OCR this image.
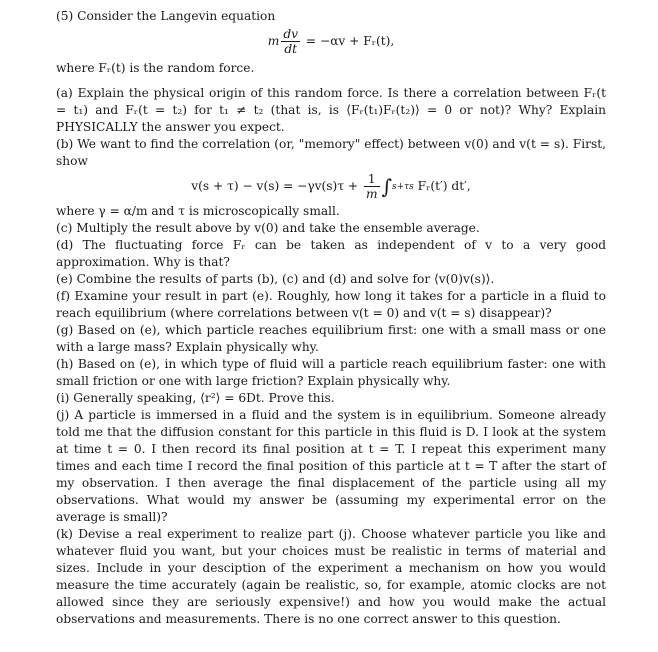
(5) Consider the Langevin equation
m $\frac{dv}{dt} = -\alpha v$ + Fᵣ(t),

where Fᵣ(t) is the random force.

(a) Explain the physical origin of this random force. Is there a correlation between Fᵣ(t = t₁) and Fᵣ(t = t₂) for t₁ ≠ t₂ (that is, is ⟨Fᵣ(t₁)Fᵣ(t₂)⟩ = 0 or not)? Why? Explain PHYSICALLY the answer you expect.

(b) We want to find the correlation (or, "memory" effect) between v(0) and v(t = s). First, show

$v(s + \tau) - v(s) = -\gamma v(s)\tau + \frac{1}{m} \int s+\tau s$ Fᵣ(t′) dt′,

where γ = α/m and τ is microscopically small.

(c) Multiply the result above by v(0) and take the ensemble average.

(d) The fluctuating force Fᵣ can be taken as independent of v to a very good approximation. Why is that?

(e) Combine the results of parts (b), (c) and (d) and solve for ⟨v(0)v(s)⟩.

(f) Examine your result in part (e). Roughly, how long it takes for a particle in a fluid to reach equilibrium (where correlations between v(t = 0) and v(t = s) disappear)?

(g) Based on (e), which particle reaches equilibrium first: one with a small mass or one with a large mass? Explain physically why.

(h) Based on (e), in which type of fluid will a particle reach equilibrium faster: one with small friction or one with large friction? Explain physically why.

(i) Generally speaking, ⟨r²⟩ = 6Dt. Prove this.

(j) A particle is immersed in a fluid and the system is in equilibrium. Someone already told me that the diffusion constant for this particle in this fluid is D. I look at the system at time t = 0. I then record its final position at t = T. I repeat this experiment many times and each time I record the final position of this particle at t = T after the start of my observation. I then average the final displacement of the particle using all my observations. What would my answer be (assuming my experimental error on the average is small)?

(k) Devise a real experiment to realize part (j). Choose whatever particle you like and whatever fluid you want, but your choices must be realistic in terms of material and sizes. Include in your desciption of the experiment a mechanism on how you would measure the time accurately (again be realistic, so, for example, atomic clocks are not allowed since they are seriously expensive!) and how you would make the actual observations and measurements. There is no one correct answer to this question.
